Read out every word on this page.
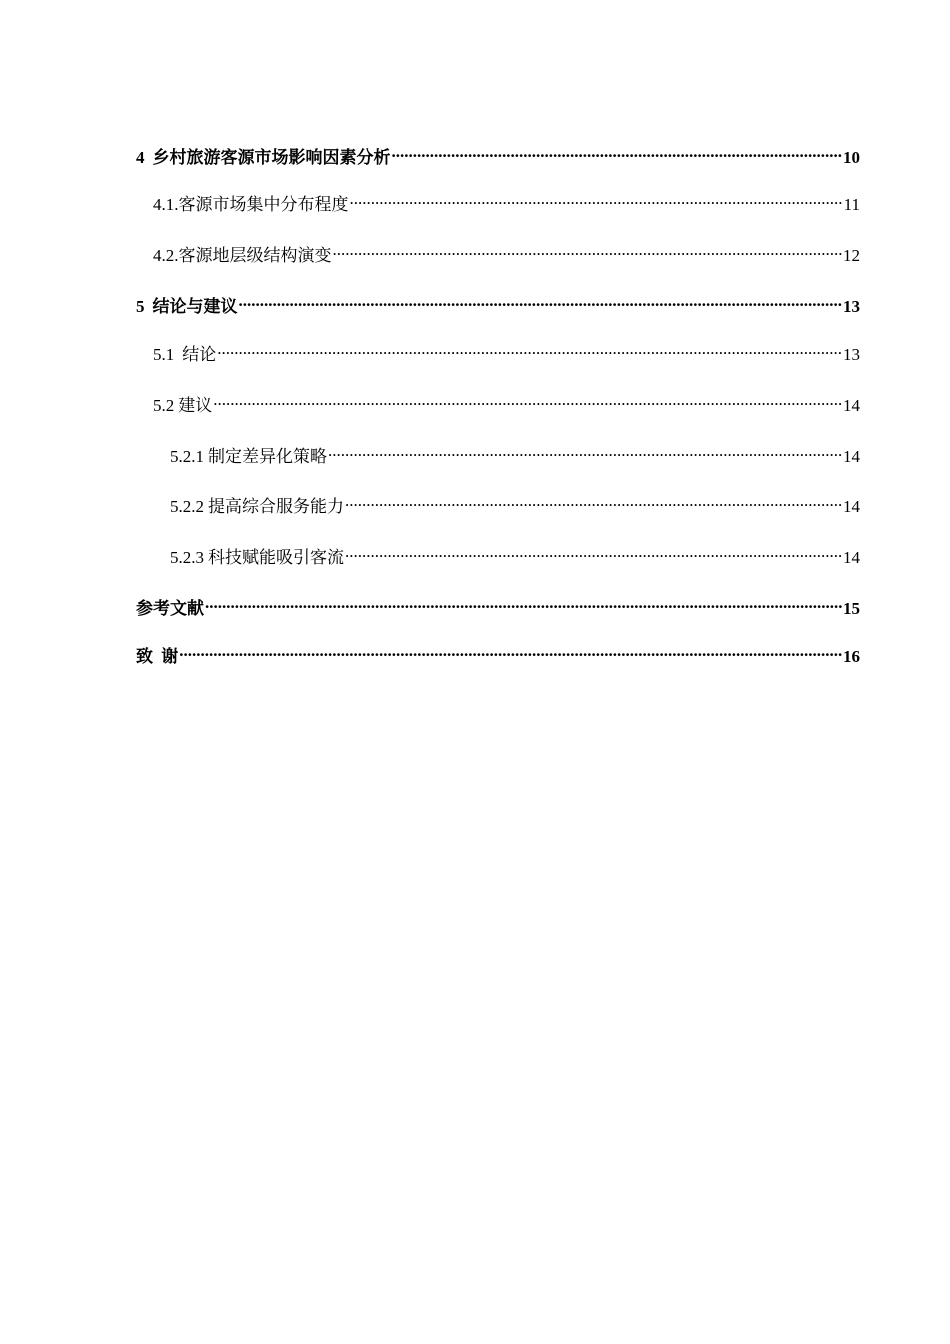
4 乡村旅游客源市场影响因素分析 .....	10
4.1. 客源市场集中分布程度 .....	11
4.2. 客源地层级结构演变 .....	12
5 结论与建议 .....	13
5.1 结论 .....	13
5.2 建议 .....	14
5.2.1 制定差异化策略 .....	14
5.2.2 提高综合服务能力 .....	14
5.2.3 科技赋能吸引客流 .....	14
参考文献 .....	15
致 谢 .....	16
